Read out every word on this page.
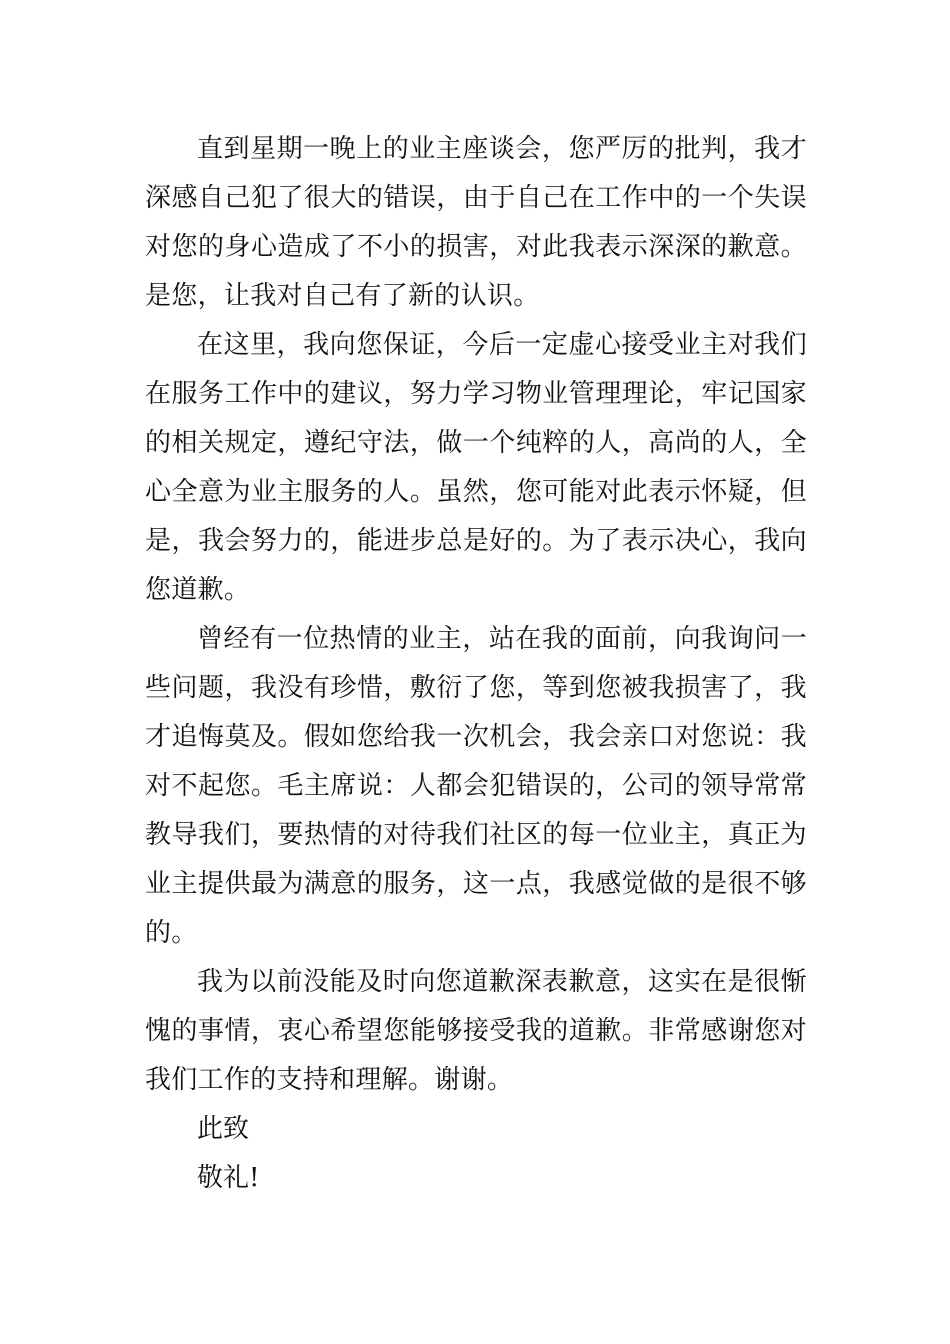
直到星期一晚上的业主座谈会，您严厉的批判，我才深感自己犯了很大的错误，由于自己在工作中的一个失误对您的身心造成了不小的损害，对此我表示深深的歉意。是您，让我对自己有了新的认识。

在这里，我向您保证，今后一定虚心接受业主对我们在服务工作中的建议，努力学习物业管理理论，牢记国家的相关规定，遵纪守法，做一个纯粹的人，高尚的人，全心全意为业主服务的人。虽然，您可能对此表示怀疑，但是，我会努力的，能进步总是好的。为了表示决心，我向您道歉。

曾经有一位热情的业主，站在我的面前，向我询问一些问题，我没有珍惜，敷衍了您，等到您被我损害了，我才追悔莫及。假如您给我一次机会，我会亲口对您说：我对不起您。毛主席说：人都会犯错误的，公司的领导常常教导我们，要热情的对待我们社区的每一位业主，真正为业主提供最为满意的服务，这一点，我感觉做的是很不够的。

我为以前没能及时向您道歉深表歉意，这实在是很惭愧的事情，衷心希望您能够接受我的道歉。非常感谢您对我们工作的支持和理解。谢谢。

此致

敬礼!
